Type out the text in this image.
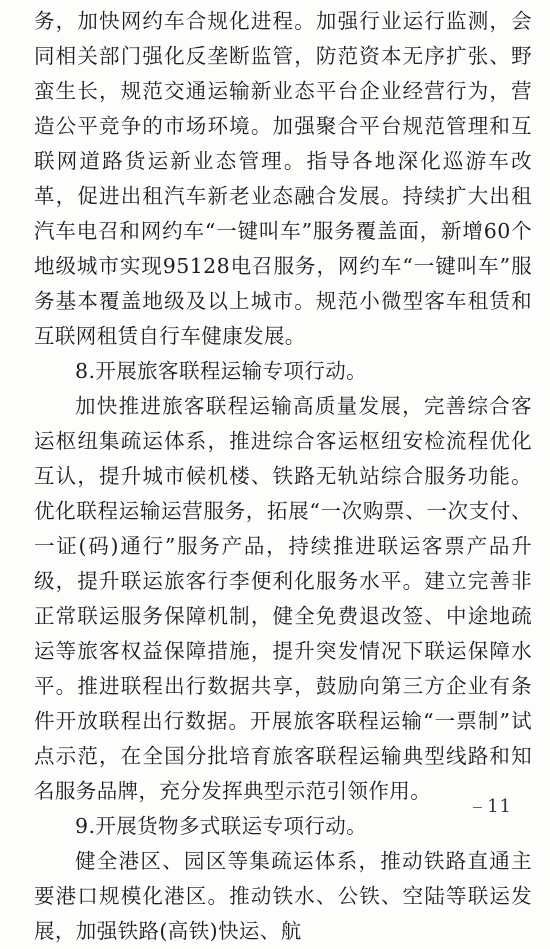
务，加快网约车合规化进程。加强行业运行监测，会同相关部门强化反垄断监管，防范资本无序扩张、野蛮生长，规范交通运输新业态平台企业经营行为，营造公平竞争的市场环境。加强聚合平台规范管理和互联网道路货运新业态管理。指导各地深化巡游车改革，促进出租汽车新老业态融合发展。持续扩大出租汽车电召和网约车“一键叫车”服务覆盖面，新增60个地级城市实现95128电召服务，网约车“一键叫车”服务基本覆盖地级及以上城市。规范小微型客车租赁和互联网租赁自行车健康发展。

8.开展旅客联程运输专项行动。

加快推进旅客联程运输高质量发展，完善综合客运枢纽集疏运体系，推进综合客运枢纽安检流程优化互认，提升城市候机楼、铁路无轨站综合服务功能。优化联程运输运营服务，拓展“一次购票、一次支付、一证(码)通行”服务产品，持续推进联运客票产品升级，提升联运旅客行李便利化服务水平。建立完善非正常联运服务保障机制，健全免费退改签、中途地疏运等旅客权益保障措施，提升突发情况下联运保障水平。推进联程出行数据共享，鼓励向第三方企业有条件开放联程出行数据。开展旅客联程运输“一票制”试点示范，在全国分批培育旅客联程运输典型线路和知名服务品牌，充分发挥典型示范引领作用。

9.开展货物多式联运专项行动。

健全港区、园区等集疏运体系，推动铁路直通主要港口规模化港区。推动铁水、公铁、空陆等联运发展，加强铁路(高铁)快运、航

11
